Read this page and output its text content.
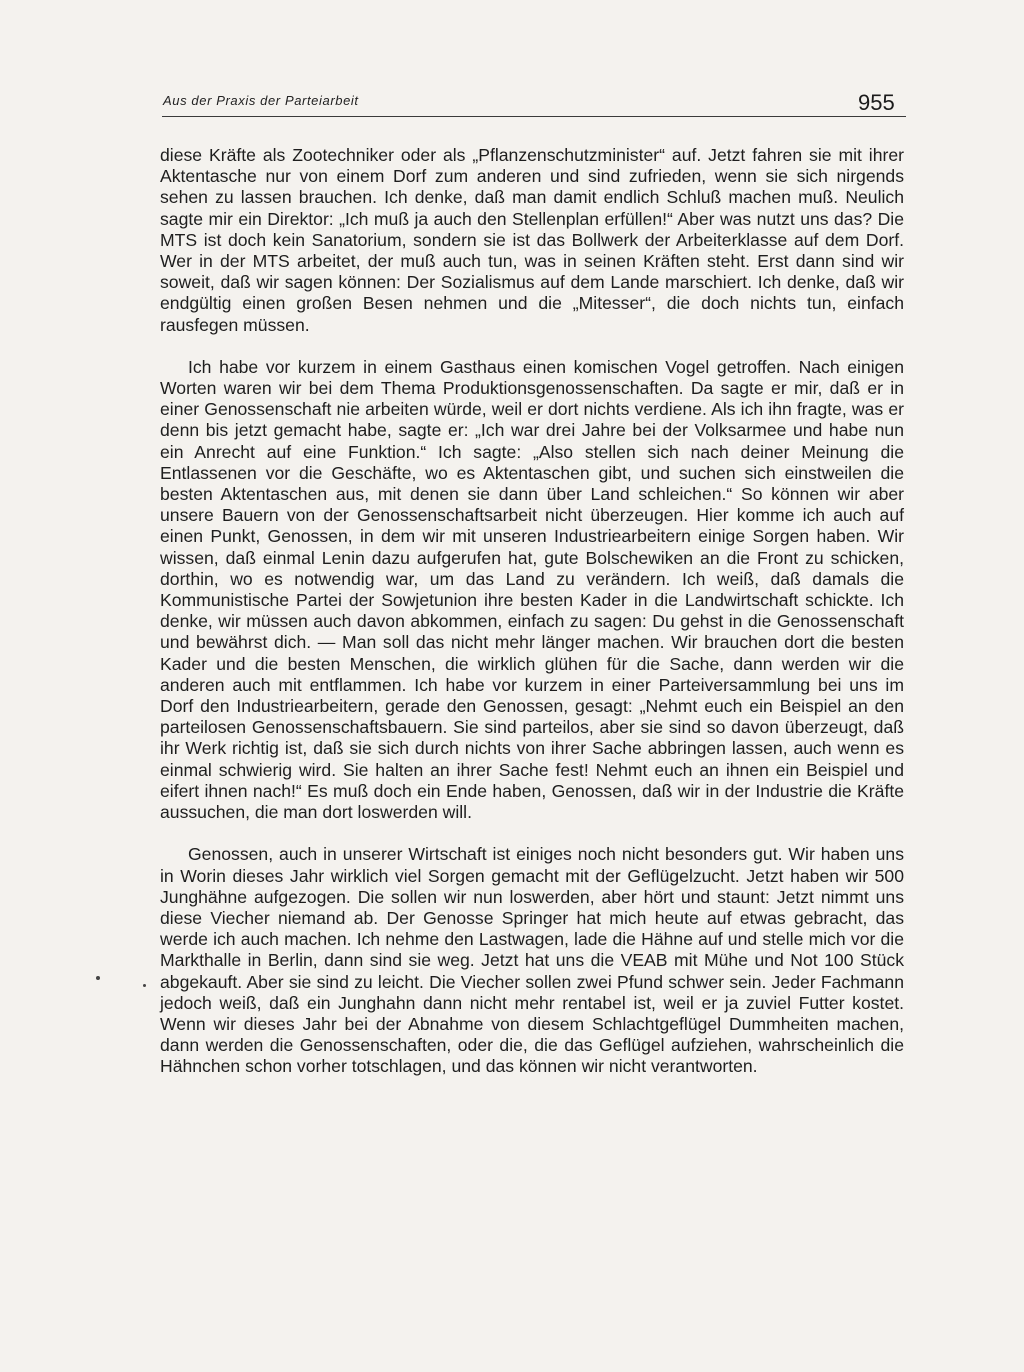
Aus der Praxis der Parteiarbeit	955

diese Kräfte als Zootechniker oder als „Pflanzenschutzminister“ auf. Jetzt fahren sie mit ihrer Aktentasche nur von einem Dorf zum anderen und sind zufrieden, wenn sie sich nirgends sehen zu lassen brauchen. Ich denke, daß man damit endlich Schluß machen muß. Neulich sagte mir ein Direktor: „Ich muß ja auch den Stellenplan erfüllen!“ Aber was nutzt uns das? Die MTS ist doch kein Sanatorium, sondern sie ist das Bollwerk der Arbeiterklasse auf dem Dorf. Wer in der MTS arbeitet, der muß auch tun, was in seinen Kräften steht. Erst dann sind wir soweit, daß wir sagen können: Der Sozialismus auf dem Lande marschiert. Ich denke, daß wir endgültig einen großen Besen nehmen und die „Mitesser“, die doch nichts tun, einfach rausfegen müssen.

Ich habe vor kurzem in einem Gasthaus einen komischen Vogel getroffen. Nach einigen Worten waren wir bei dem Thema Produktionsgenossenschaften. Da sagte er mir, daß er in einer Genossenschaft nie arbeiten würde, weil er dort nichts verdiene. Als ich ihn fragte, was er denn bis jetzt gemacht habe, sagte er: „Ich war drei Jahre bei der Volksarmee und habe nun ein Anrecht auf eine Funktion.“ Ich sagte: „Also stellen sich nach deiner Meinung die Entlassenen vor die Geschäfte, wo es Aktentaschen gibt, und suchen sich einstweilen die besten Aktentaschen aus, mit denen sie dann über Land schleichen.“ So können wir aber unsere Bauern von der Genossenschaftsarbeit nicht überzeugen. Hier komme ich auch auf einen Punkt, Genossen, in dem wir mit unseren Industriearbeitern einige Sorgen haben. Wir wissen, daß einmal Lenin dazu aufgerufen hat, gute Bolschewiken an die Front zu schicken, dorthin, wo es notwendig war, um das Land zu verändern. Ich weiß, daß damals die Kommunistische Partei der Sowjetunion ihre besten Kader in die Landwirtschaft schickte. Ich denke, wir müssen auch davon abkommen, einfach zu sagen: Du gehst in die Genossenschaft und bewährst dich. — Man soll das nicht mehr länger machen. Wir brauchen dort die besten Kader und die besten Menschen, die wirklich glühen für die Sache, dann werden wir die anderen auch mit entflammen. Ich habe vor kurzem in einer Parteiversammlung bei uns im Dorf den Industriearbeitern, gerade den Genossen, gesagt: „Nehmt euch ein Beispiel an den parteilosen Genossenschaftsbauern. Sie sind parteilos, aber sie sind so davon überzeugt, daß ihr Werk richtig ist, daß sie sich durch nichts von ihrer Sache abbringen lassen, auch wenn es einmal schwierig wird. Sie halten an ihrer Sache fest! Nehmt euch an ihnen ein Beispiel und eifert ihnen nach!“ Es muß doch ein Ende haben, Genossen, daß wir in der Industrie die Kräfte aussuchen, die man dort loswerden will.

Genossen, auch in unserer Wirtschaft ist einiges noch nicht besonders gut. Wir haben uns in Worin dieses Jahr wirklich viel Sorgen gemacht mit der Geflügelzucht. Jetzt haben wir 500 Junghähne aufgezogen. Die sollen wir nun loswerden, aber hört und staunt: Jetzt nimmt uns diese Viecher niemand ab. Der Genosse Springer hat mich heute auf etwas gebracht, das werde ich auch machen. Ich nehme den Lastwagen, lade die Hähne auf und stelle mich vor die Markthalle in Berlin, dann sind sie weg. Jetzt hat uns die VEAB mit Mühe und Not 100 Stück abgekauft. Aber sie sind zu leicht. Die Viecher sollen zwei Pfund schwer sein. Jeder Fachmann jedoch weiß, daß ein Junghahn dann nicht mehr rentabel ist, weil er ja zuviel Futter kostet. Wenn wir dieses Jahr bei der Abnahme von diesem Schlachtgeflügel Dummheiten machen, dann werden die Genossenschaften, oder die, die das Geflügel aufziehen, wahrscheinlich die Hähnchen schon vorher totschlagen, und das können wir nicht verantworten.
